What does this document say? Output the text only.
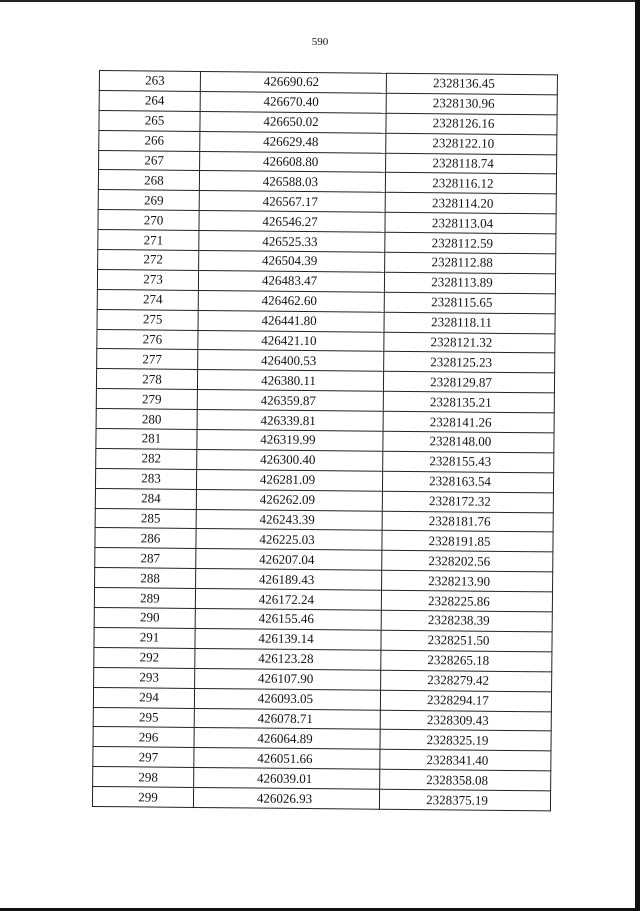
590
263	426690.62	2328136.45
264	426670.40	2328130.96
265	426650.02	2328126.16
266	426629.48	2328122.10
267	426608.80	2328118.74
268	426588.03	2328116.12
269	426567.17	2328114.20
270	426546.27	2328113.04
271	426525.33	2328112.59
272	426504.39	2328112.88
273	426483.47	2328113.89
274	426462.60	2328115.65
275	426441.80	2328118.11
276	426421.10	2328121.32
277	426400.53	2328125.23
278	426380.11	2328129.87
279	426359.87	2328135.21
280	426339.81	2328141.26
281	426319.99	2328148.00
282	426300.40	2328155.43
283	426281.09	2328163.54
284	426262.09	2328172.32
285	426243.39	2328181.76
286	426225.03	2328191.85
287	426207.04	2328202.56
288	426189.43	2328213.90
289	426172.24	2328225.86
290	426155.46	2328238.39
291	426139.14	2328251.50
292	426123.28	2328265.18
293	426107.90	2328279.42
294	426093.05	2328294.17
295	426078.71	2328309.43
296	426064.89	2328325.19
297	426051.66	2328341.40
298	426039.01	2328358.08
299	426026.93	2328375.19
